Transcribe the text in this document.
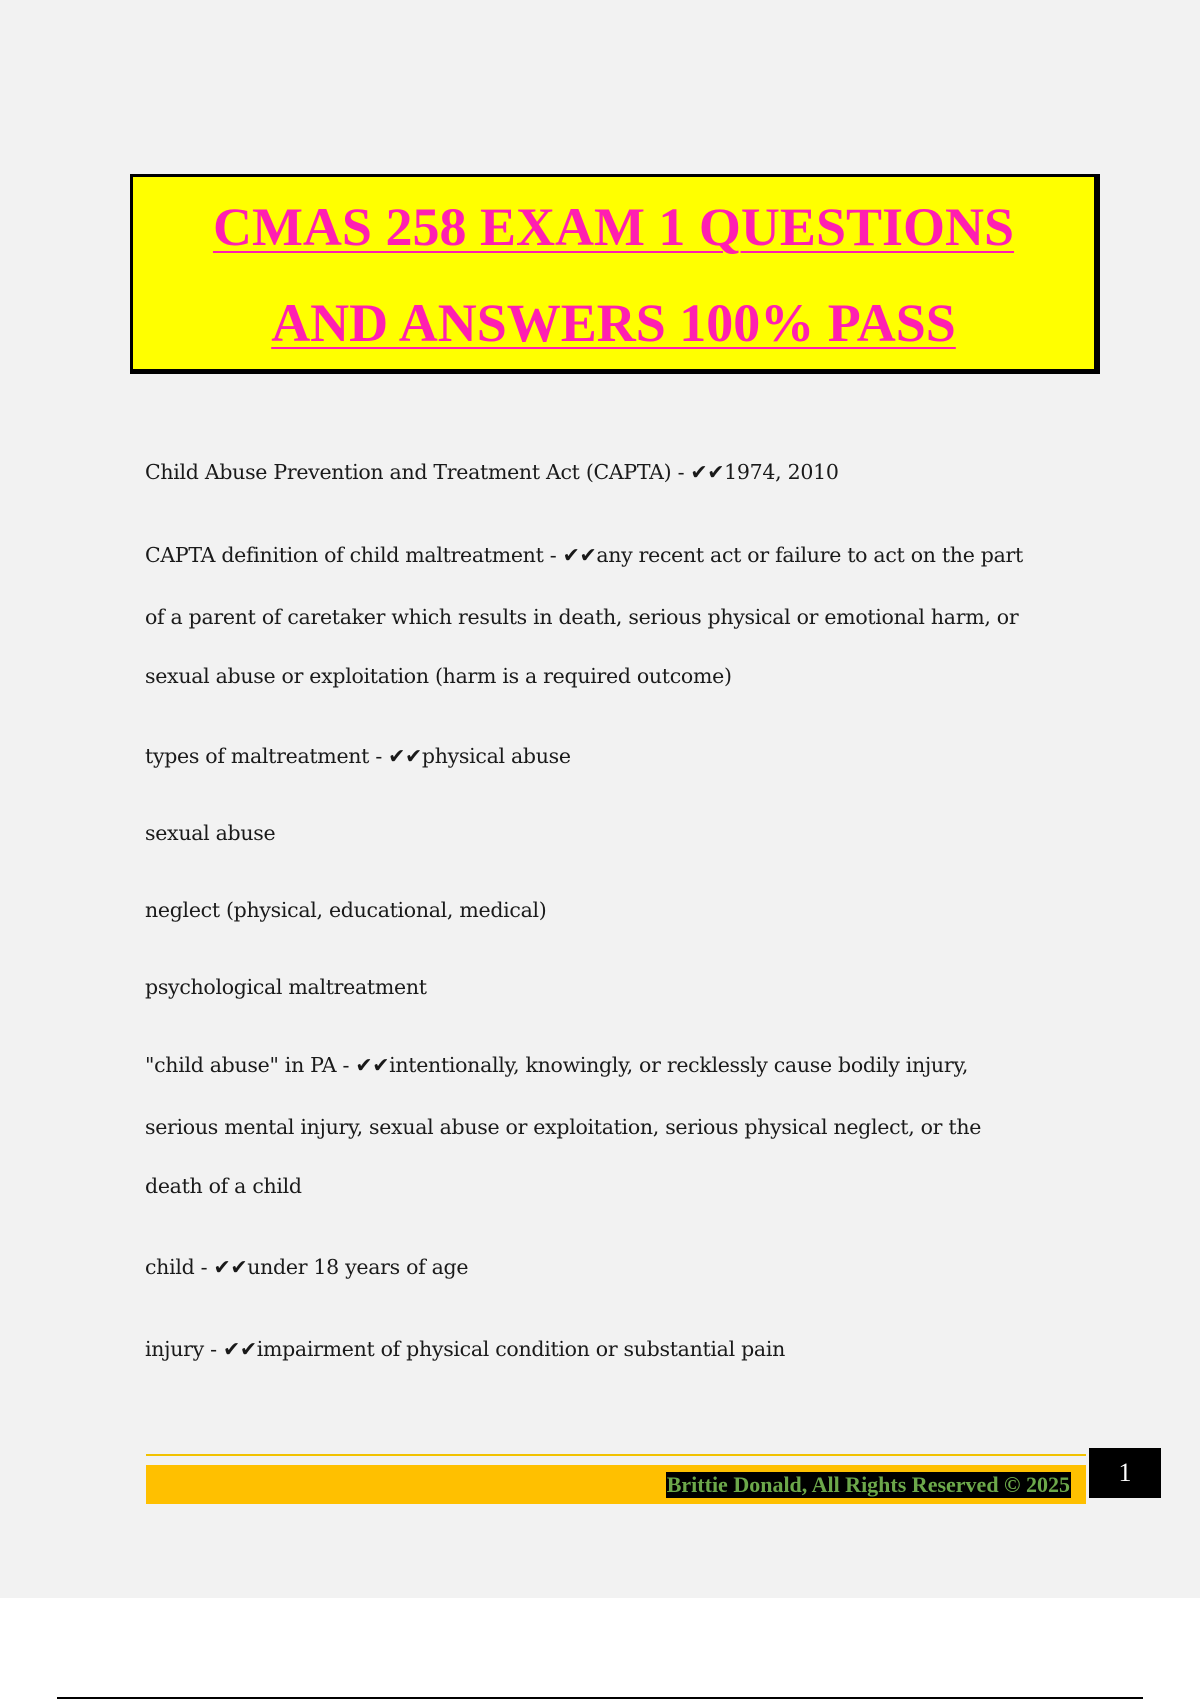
CMAS 258 EXAM 1 QUESTIONS
AND ANSWERS 100% PASS
Child Abuse Prevention and Treatment Act (CAPTA) - ✔✔1974, 2010
CAPTA definition of child maltreatment - ✔✔any recent act or failure to act on the part
of a parent of caretaker which results in death, serious physical or emotional harm, or
sexual abuse or exploitation (harm is a required outcome)
types of maltreatment - ✔✔physical abuse
sexual abuse
neglect (physical, educational, medical)
psychological maltreatment
"child abuse" in PA - ✔✔intentionally, knowingly, or recklessly cause bodily injury,
serious mental injury, sexual abuse or exploitation, serious physical neglect, or the
death of a child
child - ✔✔under 18 years of age
injury - ✔✔impairment of physical condition or substantial pain
Brittie Donald, All Rights Reserved © 2025	1
